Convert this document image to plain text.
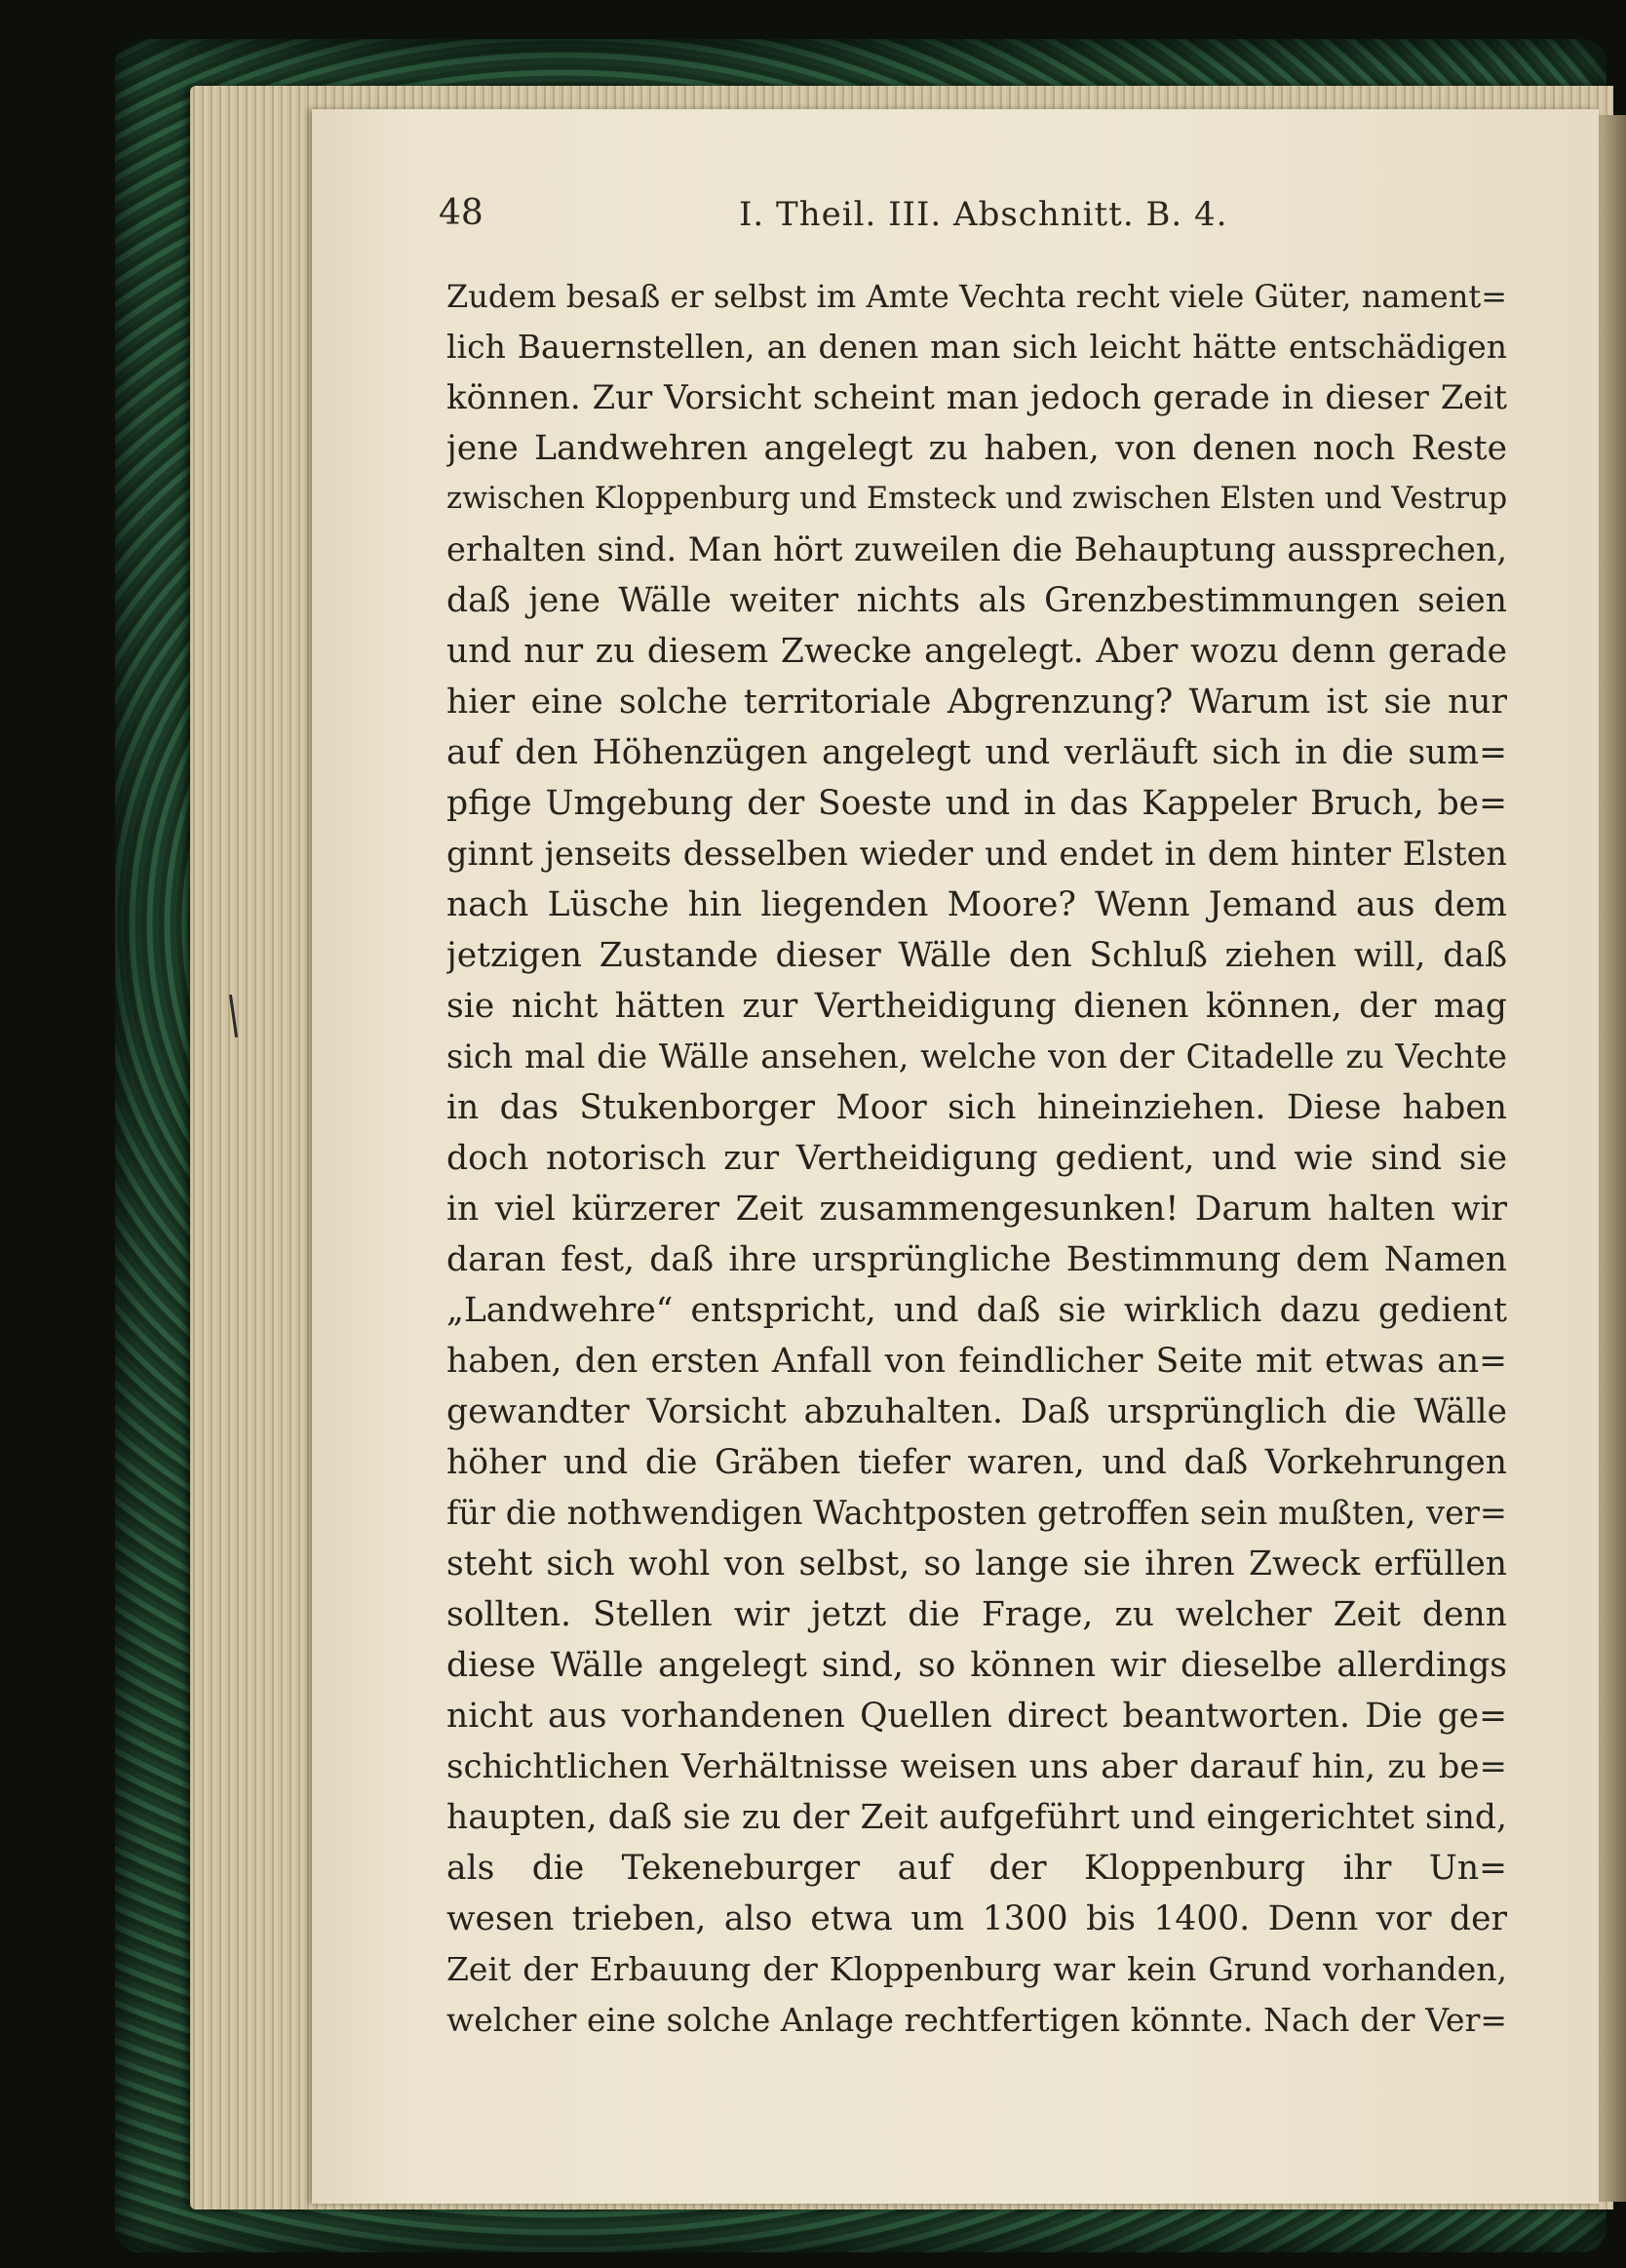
48	I. Theil. III. Abschnitt. B. 4.
Zudem besaß er selbst im Amte Vechta recht viele Güter, nament=
lich Bauernstellen, an denen man sich leicht hätte entschädigen
können. Zur Vorsicht scheint man jedoch gerade in dieser Zeit
jene Landwehren angelegt zu haben, von denen noch Reste
zwischen Kloppenburg und Emsteck und zwischen Elsten und Vestrup
erhalten sind. Man hört zuweilen die Behauptung aussprechen,
daß jene Wälle weiter nichts als Grenzbestimmungen seien
und nur zu diesem Zwecke angelegt. Aber wozu denn gerade
hier eine solche territoriale Abgrenzung? Warum ist sie nur
auf den Höhenzügen angelegt und verläuft sich in die sum=
pfige Umgebung der Soeste und in das Kappeler Bruch, be=
ginnt jenseits desselben wieder und endet in dem hinter Elsten
nach Lüsche hin liegenden Moore? Wenn Jemand aus dem
jetzigen Zustande dieser Wälle den Schluß ziehen will, daß
sie nicht hätten zur Vertheidigung dienen können, der mag
sich mal die Wälle ansehen, welche von der Citadelle zu Vechte
in das Stukenborger Moor sich hineinziehen. Diese haben
doch notorisch zur Vertheidigung gedient, und wie sind sie
in viel kürzerer Zeit zusammengesunken! Darum halten wir
daran fest, daß ihre ursprüngliche Bestimmung dem Namen
„Landwehre“ entspricht, und daß sie wirklich dazu gedient
haben, den ersten Anfall von feindlicher Seite mit etwas an=
gewandter Vorsicht abzuhalten. Daß ursprünglich die Wälle
höher und die Gräben tiefer waren, und daß Vorkehrungen
für die nothwendigen Wachtposten getroffen sein mußten, ver=
steht sich wohl von selbst, so lange sie ihren Zweck erfüllen
sollten. Stellen wir jetzt die Frage, zu welcher Zeit denn
diese Wälle angelegt sind, so können wir dieselbe allerdings
nicht aus vorhandenen Quellen direct beantworten. Die ge=
schichtlichen Verhältnisse weisen uns aber darauf hin, zu be=
haupten, daß sie zu der Zeit aufgeführt und eingerichtet sind,
als die Tekeneburger auf der Kloppenburg ihr Un=
wesen trieben, also etwa um 1300 bis 1400. Denn vor der
Zeit der Erbauung der Kloppenburg war kein Grund vorhanden,
welcher eine solche Anlage rechtfertigen könnte. Nach der Ver=
